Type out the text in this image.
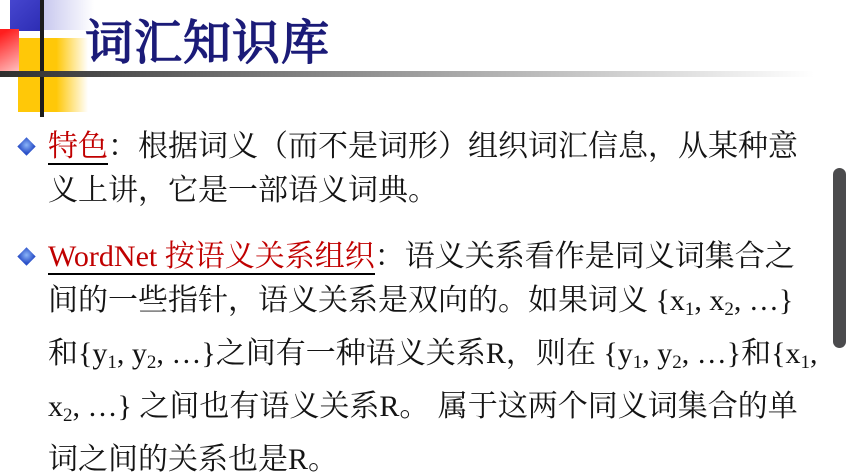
词汇知识库
特色：根据词义（而不是词形）组织词汇信息，从某种意
义上讲，它是一部语义词典。
WordNet 按语义关系组织：语义关系看作是同义词集合之
间的一些指针，语义关系是双向的。如果词义 {x1, x2, …}
和{y1, y2, …}之间有一种语义关系R，则在 {y1, y2, …}和{x1,
x2, …} 之间也有语义关系R。 属于这两个同义词集合的单
词之间的关系也是R。
